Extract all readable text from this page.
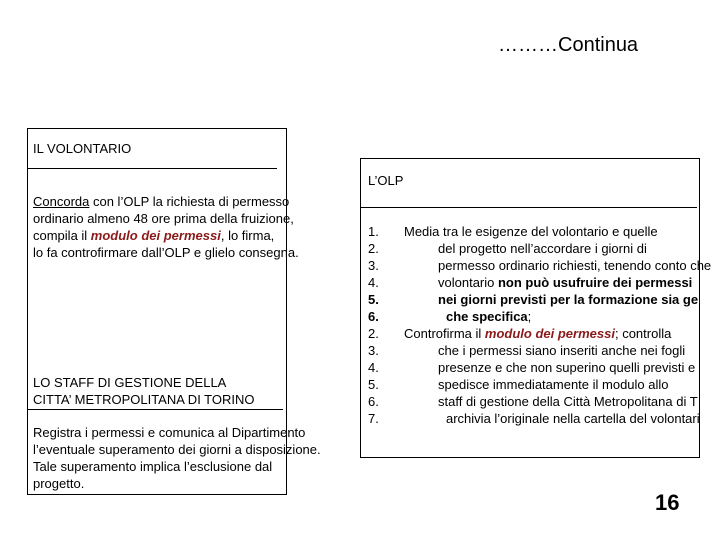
………Continua
IL VOLONTARIO
Concorda con l’OLP la richiesta di permesso
ordinario almeno 48 ore prima della fruizione,
compila il modulo dei permessi, lo firma,
lo fa controfirmare dall’OLP e glielo consegna.
LO STAFF DI GESTIONE DELLA
CITTA’ METROPOLITANA DI TORINO
Registra i permessi e comunica al Dipartimento
l’eventuale superamento dei giorni a disposizione.
Tale superamento implica l’esclusione dal
progetto.
L’OLP
1.
2.
3.
4.
5.
6.
2.
3.
4.
5.
6.
7.
Media tra le esigenze del volontario e quelle
del progetto nell’accordare i giorni di
permesso ordinario richiesti, tenendo conto che
volontario non può usufruire dei permessi
nei giorni previsti per la formazione sia ge
che specifica;
Controfirma il modulo dei permessi; controlla
che i permessi siano inseriti anche nei fogli
presenze e che non superino quelli previsti e
spedisce immediatamente il modulo allo
staff di gestione della Città Metropolitana di T
archivia l’originale nella cartella del volontari
16
